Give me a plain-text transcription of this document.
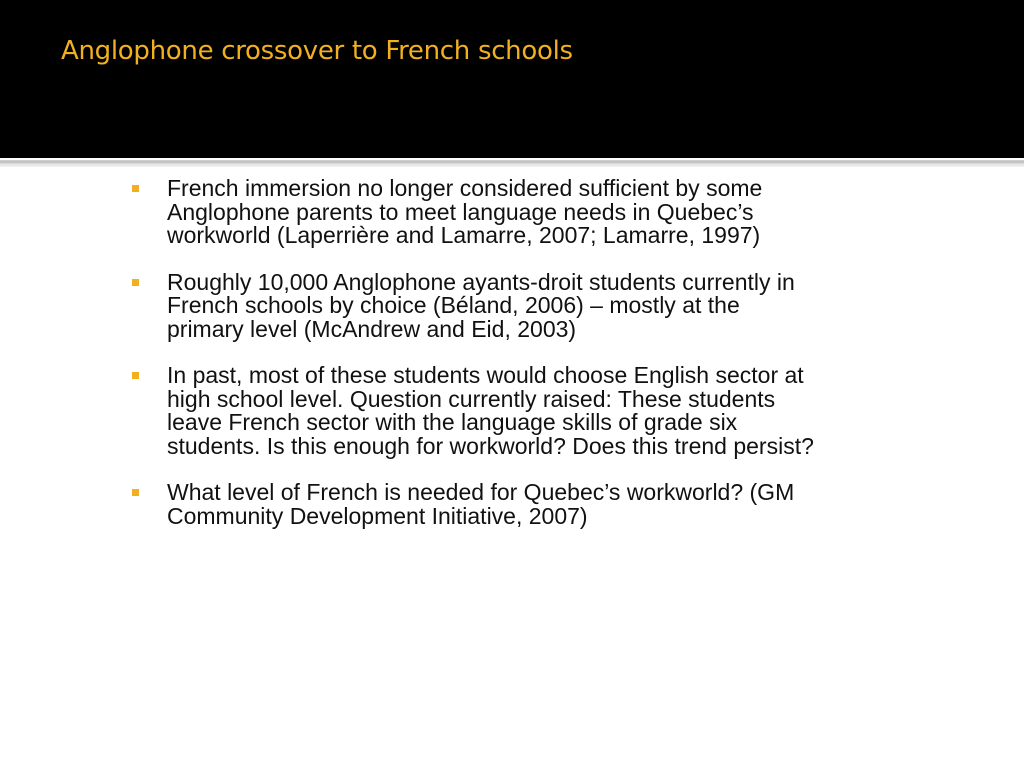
Anglophone crossover to French schools
French immersion no longer considered sufficient by some
Anglophone parents to meet language needs in Quebec’s
workworld (Laperrière and Lamarre, 2007; Lamarre, 1997)
Roughly 10,000 Anglophone ayants-droit students currently in
French schools by choice (Béland, 2006) – mostly at the
primary level (McAndrew and Eid, 2003)
In past, most of these students would choose English sector at
high school level. Question currently raised: These students
leave French sector with the language skills of grade six
students. Is this enough for workworld? Does this trend persist?
What level of French is needed for Quebec’s workworld? (GM
Community Development Initiative, 2007)
